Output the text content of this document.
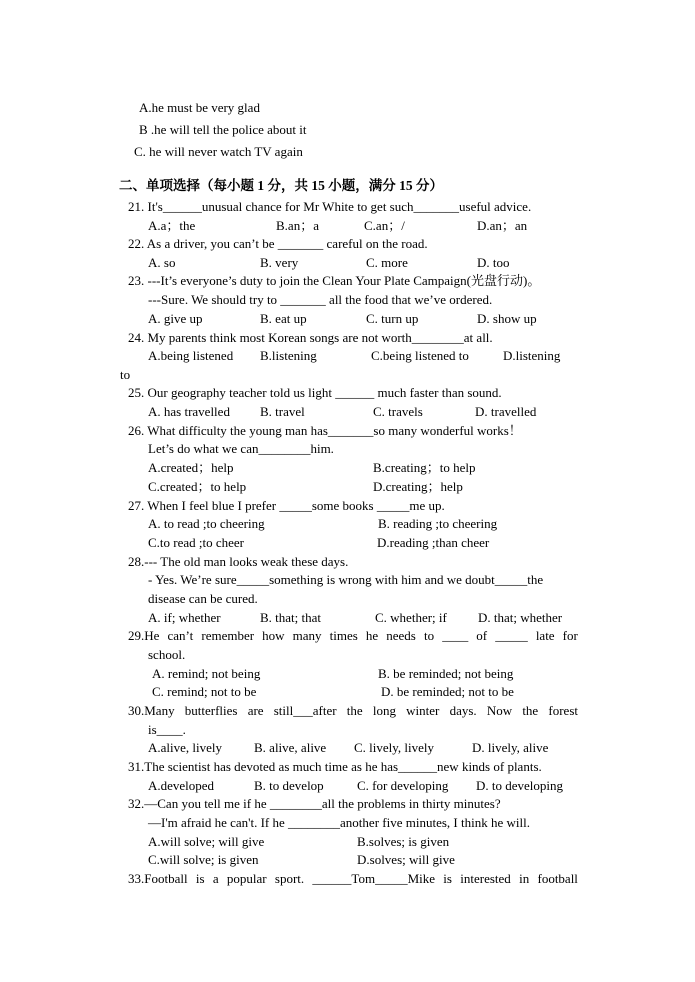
A.he must be very glad
B .he will tell the police about it
C. he will never watch TV again
二、单项选择（每小题 1 分，共 15 小题，满分 15 分）
21. It's______unusual chance for Mr White to get such_______useful advice.
A.a；the	B.an；a	C.an；/	D.an；an
22. As a driver, you can’t be _______ careful on the road.
A. so	B. very	C. more	D. too
23. ---It’s everyone’s duty to join the Clean Your Plate Campaign(光盘行动)。
---Sure. We should try to _______ all the food that we’ve ordered.
A. give up	B. eat up	C. turn up	D. show up
24. My parents think most Korean songs are not worth________at all.
A.being listened B.listening	C.being listened to	D.listening
to
25. Our geography teacher told us light ______ much faster than sound.
A. has travelled B. travel	C. travels	D. travelled
26. What difficulty the young man has_______so many wonderful works！
Let’s do what we can________him.
A.created；help	B.creating；to help
C.created；to help	D.creating；help
27. When I feel blue I prefer _____some books _____me up.
A. to read ;to cheering	B. reading ;to cheering
C.to read ;to cheer	D.reading ;than cheer
28.--- The old man looks weak these days.
- Yes. We’re sure_____something is wrong with him and we doubt_____the
disease can be cured.
A. if; whether	B. that; that	C. whether; if D. that; whether
29.He can’t remember how many times he needs to ____ of _____ late for
school.
A. remind; not being	B. be reminded; not being
C. remind; not to be	D. be reminded; not to be
30.Many butterflies are still___after the long winter days. Now the forest
is____.
A.alive, lively B. alive, alive C. lively, lively	D. lively, alive
31.The scientist has devoted as much time as he has______new kinds of plants.
A.developed	B. to develop	C. for developing D. to developing
32.—Can you tell me if he ________all the problems in thirty minutes?
—I'm afraid he can't. If he ________another five minutes, I think he will.
A.will solve; will give	B.solves; is given
C.will solve; is given	D.solves; will give
33.Football is a popular sport. ______Tom_____Mike is interested in football
